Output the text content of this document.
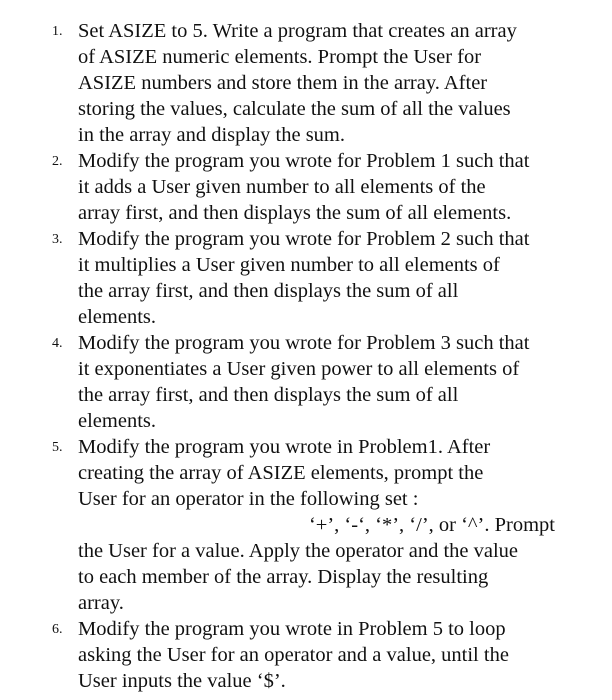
1. Set ASIZE to 5. Write a program that creates an array
of ASIZE numeric elements. Prompt the User for
ASIZE numbers and store them in the array. After
storing the values, calculate the sum of all the values
in the array and display the sum.
2. Modify the program you wrote for Problem 1 such that
it adds a User given number to all elements of the
array first, and then displays the sum of all elements.
3. Modify the program you wrote for Problem 2 such that
it multiplies a User given number to all elements of
the array first, and then displays the sum of all
elements.
4. Modify the program you wrote for Problem 3 such that
it exponentiates a User given power to all elements of
the array first, and then displays the sum of all
elements.
5. Modify the program you wrote in Problem1. After
creating the array of ASIZE elements, prompt the
User for an operator in the following set :
‘+’, ‘-‘, ‘*’, ‘/’, or ‘^’. Prompt
the User for a value. Apply the operator and the value
to each member of the array. Display the resulting
array.
6. Modify the program you wrote in Problem 5 to loop
asking the User for an operator and a value, until the
User inputs the value ‘$’.
